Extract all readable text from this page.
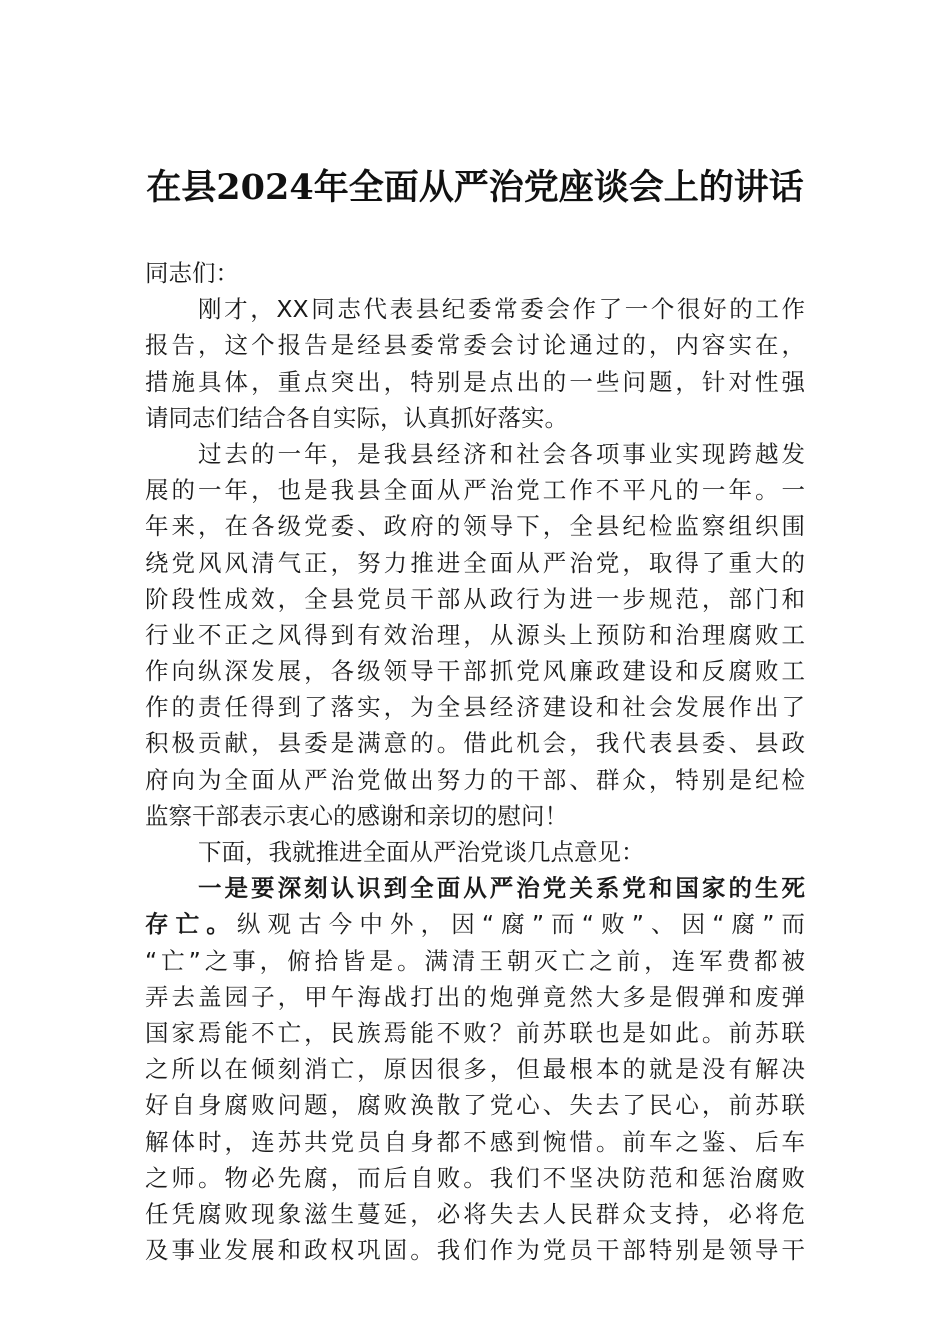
在县2024年全面从严治党座谈会上的讲话
同志们：
刚才，XX同志代表县纪委常委会作了一个很好的工作
报告，这个报告是经县委常委会讨论通过的，内容实在，
措施具体，重点突出，特别是点出的一些问题，针对性强
请同志们结合各自实际，认真抓好落实。
过去的一年，是我县经济和社会各项事业实现跨越发
展的一年，也是我县全面从严治党工作不平凡的一年。一
年来，在各级党委、政府的领导下，全县纪检监察组织围
绕党风风清气正，努力推进全面从严治党，取得了重大的
阶段性成效，全县党员干部从政行为进一步规范，部门和
行业不正之风得到有效治理，从源头上预防和治理腐败工
作向纵深发展，各级领导干部抓党风廉政建设和反腐败工
作的责任得到了落实，为全县经济建设和社会发展作出了
积极贡献，县委是满意的。借此机会，我代表县委、县政
府向为全面从严治党做出努力的干部、群众，特别是纪检
监察干部表示衷心的感谢和亲切的慰问！
下面，我就推进全面从严治党谈几点意见：
一是要深刻认识到全面从严治党关系党和国家的生死
存亡。纵观古今中外，因“腐”而“败”、因“腐”而
“亡”之事，俯拾皆是。满清王朝灭亡之前，连军费都被
弄去盖园子，甲午海战打出的炮弹竟然大多是假弹和废弹
国家焉能不亡，民族焉能不败？前苏联也是如此。前苏联
之所以在倾刻消亡，原因很多，但最根本的就是没有解决
好自身腐败问题，腐败涣散了党心、失去了民心，前苏联
解体时，连苏共党员自身都不感到惋惜。前车之鉴、后车
之师。物必先腐，而后自败。我们不坚决防范和惩治腐败
任凭腐败现象滋生蔓延，必将失去人民群众支持，必将危
及事业发展和政权巩固。我们作为党员干部特别是领导干
